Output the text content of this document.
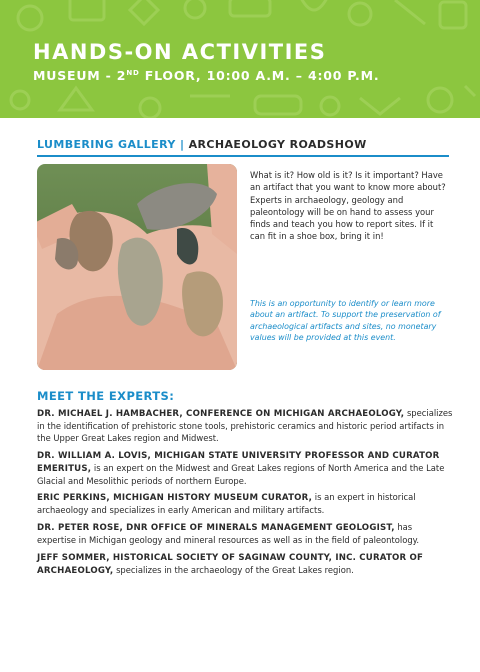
HANDS-ON ACTIVITIES
MUSEUM - 2ND FLOOR, 10:00 A.M. – 4:00 P.M.
LUMBERING GALLERY | ARCHAEOLOGY ROADSHOW
What is it? How old is it? Is it important? Have an artifact that you want to know more about? Experts in archaeology, geology and paleontology will be on hand to assess your finds and teach you how to report sites. If it can fit in a shoe box, bring it in!
This is an opportunity to identify or learn more about an artifact. To support the preservation of archaeological artifacts and sites, no monetary values will be provided at this event.
MEET THE EXPERTS:
DR. MICHAEL J. HAMBACHER, CONFERENCE ON MICHIGAN ARCHAEOLOGY, specializes in the identification of prehistoric stone tools, prehistoric ceramics and historic period artifacts in the Upper Great Lakes region and Midwest.
DR. WILLIAM A. LOVIS, MICHIGAN STATE UNIVERSITY PROFESSOR AND CURATOR EMERITUS, is an expert on the Midwest and Great Lakes regions of North America and the Late Glacial and Mesolithic periods of northern Europe.
ERIC PERKINS, MICHIGAN HISTORY MUSEUM CURATOR, is an expert in historical archaeology and specializes in early American and military artifacts.
DR. PETER ROSE, DNR OFFICE OF MINERALS MANAGEMENT GEOLOGIST, has expertise in Michigan geology and mineral resources as well as in the field of paleontology.
JEFF SOMMER, HISTORICAL SOCIETY OF SAGINAW COUNTY, INC. CURATOR OF ARCHAEOLOGY, specializes in the archaeology of the Great Lakes region.
